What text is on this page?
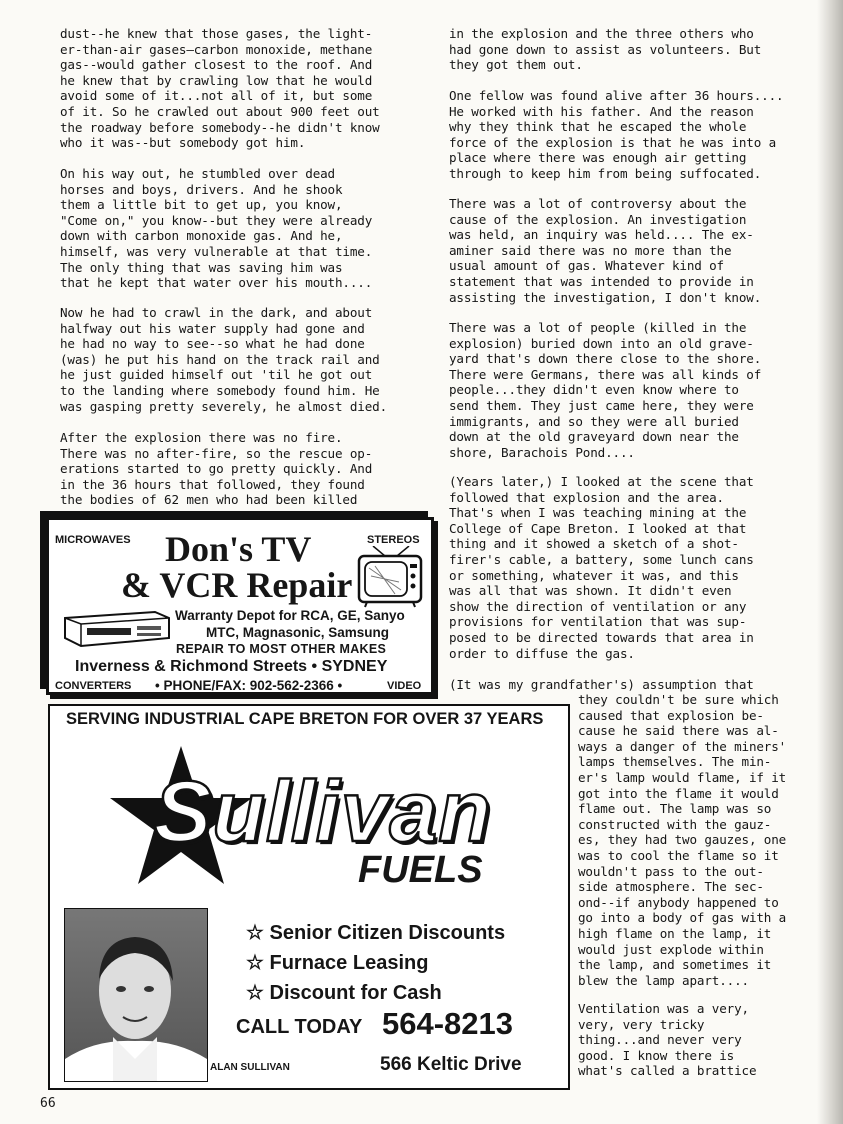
dust--he knew that those gases, the light-
er-than-air gases—carbon monoxide, methane
gas--would gather closest to the roof. And
he knew that by crawling low that he would
avoid some of it...not all of it, but some
of it. So he crawled out about 900 feet out
the roadway before somebody--he didn't know
who it was--but somebody got him.

On his way out, he stumbled over dead
horses and boys, drivers. And he shook
them a little bit to get up, you know,
"Come on," you know--but they were already
down with carbon monoxide gas. And he,
himself, was very vulnerable at that time.
The only thing that was saving him was
that he kept that water over his mouth....

Now he had to crawl in the dark, and about
halfway out his water supply had gone and
he had no way to see--so what he had done
(was) he put his hand on the track rail and
he just guided himself out 'til he got out
to the landing where somebody found him. He
was gasping pretty severely, he almost died.

After the explosion there was no fire.
There was no after-fire, so the rescue op-
erations started to go pretty quickly. And
in the 36 hours that followed, they found
the bodies of 62 men who had been killed

in the explosion and the three others who
had gone down to assist as volunteers. But
they got them out.

One fellow was found alive after 36 hours....
He worked with his father. And the reason
why they think that he escaped the whole
force of the explosion is that he was into a
place where there was enough air getting
through to keep him from being suffocated.

There was a lot of controversy about the
cause of the explosion. An investigation
was held, an inquiry was held.... The ex-
aminer said there was no more than the
usual amount of gas. Whatever kind of
statement that was intended to provide in
assisting the investigation, I don't know.

There was a lot of people (killed in the
explosion) buried down into an old grave-
yard that's down there close to the shore.
There were Germans, there was all kinds of
people...they didn't even know where to
send them. They just came here, they were
immigrants, and so they were all buried
down at the old graveyard down near the
shore, Barachois Pond....

(Years later,) I looked at the scene that
followed that explosion and the area.
That's when I was teaching mining at the
College of Cape Breton. I looked at that
thing and it showed a sketch of a shot-
firer's cable, a battery, some lunch cans
or something, whatever it was, and this
was all that was shown. It didn't even
show the direction of ventilation or any
provisions for ventilation that was sup-
posed to be directed towards that area in
order to diffuse the gas.

(It was my grandfather's) assumption that

they couldn't be sure which
caused that explosion be-
cause he said there was al-
ways a danger of the miners'
lamps themselves. The min-
er's lamp would flame, if it
got into the flame it would
flame out. The lamp was so
constructed with the gauz-
es, they had two gauzes, one
was to cool the flame so it
wouldn't pass to the out-
side atmosphere. The sec-
ond--if anybody happened to
go into a body of gas with a
high flame on the lamp, it
would just explode within
the lamp, and sometimes it
blew the lamp apart....

Ventilation was a very,
very, very tricky
thing...and never very
good. I know there is
what's called a brattice

MICROWAVES	STEREOS
Don's TV
& VCR Repair
Warranty Depot for RCA, GE, Sanyo
MTC, Magnasonic, Samsung
REPAIR TO MOST OTHER MAKES
Inverness & Richmond Streets • SYDNEY
CONVERTERS • PHONE/FAX: 902-562-2366 •	VIDEO
SERVING INDUSTRIAL CAPE BRETON FOR OVER 37 YEARS
Sullivan
FUELS
ALAN SULLIVAN
☆ Senior Citizen Discounts
☆ Furnace Leasing
☆ Discount for Cash
CALL TODAY 564-8213
566 Keltic Drive
66
